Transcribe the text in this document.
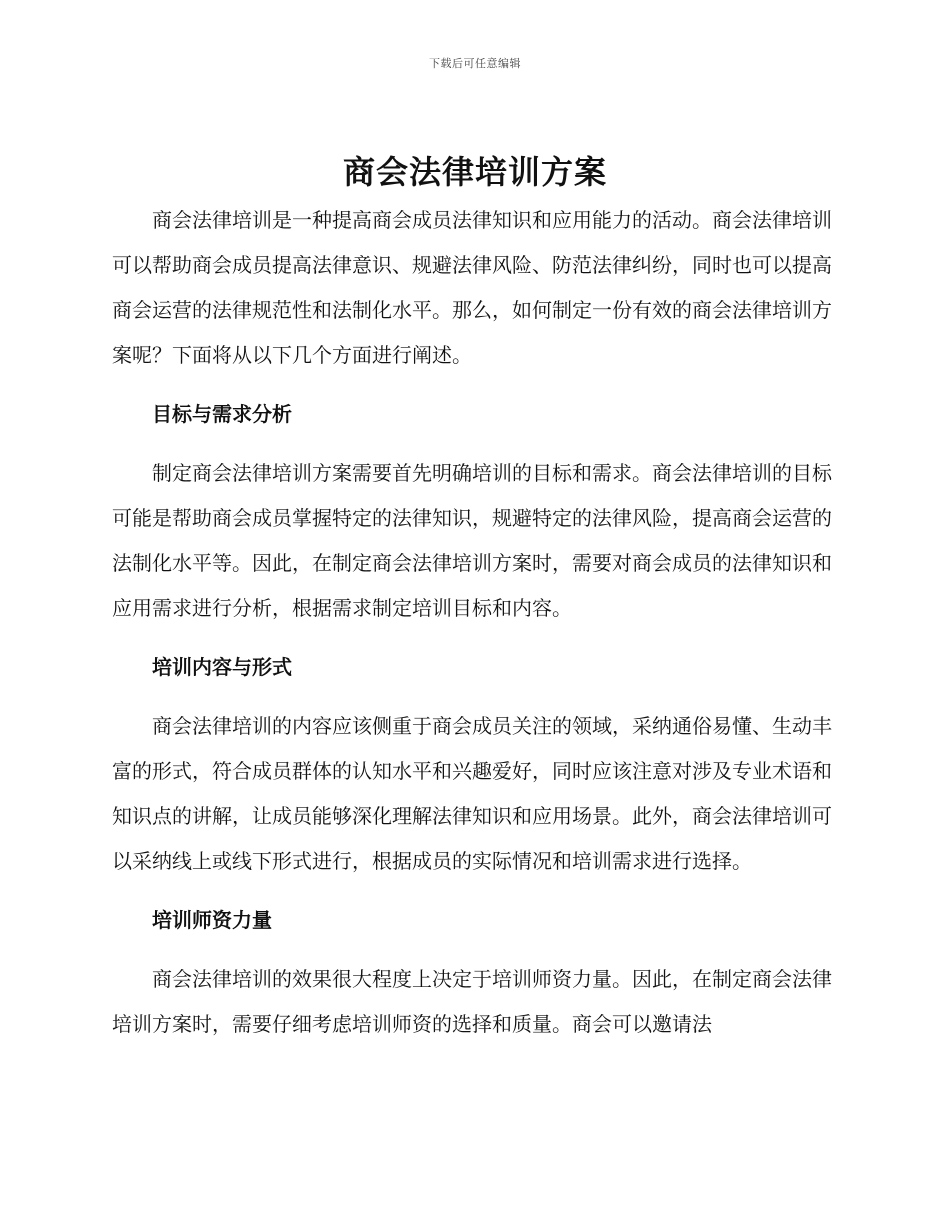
下载后可任意编辑
商会法律培训方案

商会法律培训是一种提高商会成员法律知识和应用能力的活动。商会法律培训可以帮助商会成员提高法律意识、规避法律风险、防范法律纠纷，同时也可以提高商会运营的法律规范性和法制化水平。那么，如何制定一份有效的商会法律培训方案呢？下面将从以下几个方面进行阐述。

目标与需求分析

制定商会法律培训方案需要首先明确培训的目标和需求。商会法律培训的目标可能是帮助商会成员掌握特定的法律知识，规避特定的法律风险，提高商会运营的法制化水平等。因此，在制定商会法律培训方案时，需要对商会成员的法律知识和应用需求进行分析，根据需求制定培训目标和内容。

培训内容与形式

商会法律培训的内容应该侧重于商会成员关注的领域，采纳通俗易懂、生动丰富的形式，符合成员群体的认知水平和兴趣爱好，同时应该注意对涉及专业术语和知识点的讲解，让成员能够深化理解法律知识和应用场景。此外，商会法律培训可以采纳线上或线下形式进行，根据成员的实际情况和培训需求进行选择。

培训师资力量

商会法律培训的效果很大程度上决定于培训师资力量。因此，在制定商会法律培训方案时，需要仔细考虑培训师资的选择和质量。商会可以邀请法
